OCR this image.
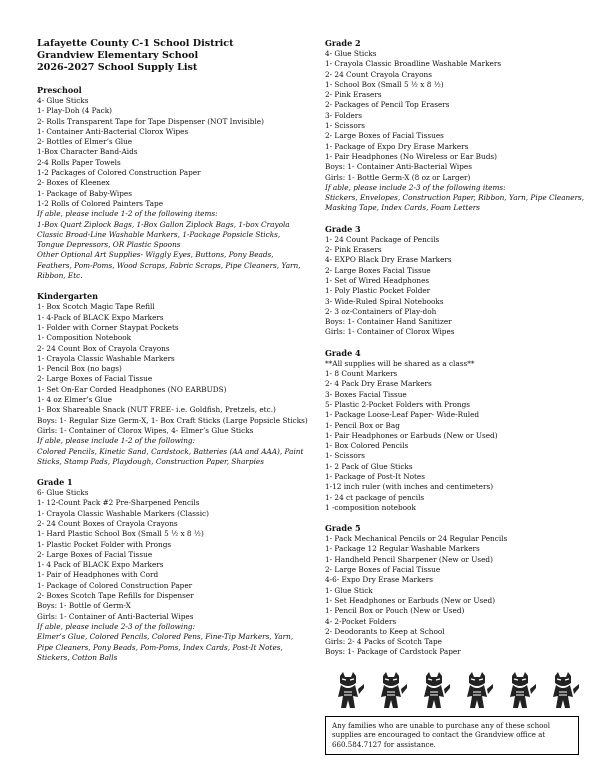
Lafayette County C-1 School District
Grandview Elementary School
2026-2027 School Supply List
Preschool
4- Glue Sticks
1- Play-Doh (4 Pack)
2- Rolls Transparent Tape for Tape Dispenser (NOT Invisible)
1- Container Anti-Bacterial Clorox Wipes
2- Bottles of Elmer’s Glue
1-Box Character Band-Aids
2-4 Rolls Paper Towels
1-2 Packages of Colored Construction Paper
2- Boxes of Kleenex
1- Package of Baby-Wipes
1-2 Rolls of Colored Painters Tape
If able, please include 1-2 of the following items:
1-Box Quart Ziplock Bags, 1-Box Gallon Ziplock Bags, 1-box Crayola Classic Broad-Line Washable Markers, 1-Package Popsicle Sticks, Tongue Depressors, OR Plastic Spoons
Other Optional Art Supplies- Wiggly Eyes, Buttons, Pony Beads, Feathers, Pom-Poms, Wood Scraps, Fabric Scraps, Pipe Cleaners, Yarn, Ribbon, Etc.
Kindergarten
1- Box Scotch Magic Tape Refill
1- 4-Pack of BLACK Expo Markers
1- Folder with Corner Staypat Pockets
1- Composition Notebook
2- 24 Count Box of Crayola Crayons
1- Crayola Classic Washable Markers
1- Pencil Box (no bags)
2- Large Boxes of Facial Tissue
1- Set On-Ear Corded Headphones (NO EARBUDS)
1- 4 oz Elmer’s Glue
1- Box Shareable Snack (NUT FREE- i.e. Goldfish, Pretzels, etc.)
Boys: 1- Regular Size Germ-X, 1- Box Craft Sticks (Large Popsicle Sticks)
Girls: 1- Container of Clorox Wipes, 4- Elmer’s Glue Sticks
If able, please include 1-2 of the following:
Colored Pencils, Kinetic Sand, Cardstock, Batteries (AA and AAA), Paint Sticks, Stamp Pads, Playdough, Construction Paper, Sharpies
Grade 1
6- Glue Sticks
1- 12-Count Pack #2 Pre-Sharpened Pencils
1- Crayola Classic Washable Markers (Classic)
2- 24 Count Boxes of Crayola Crayons
1- Hard Plastic School Box (Small 5 ½ x 8 ½)
1- Plastic Pocket Folder with Prongs
2- Large Boxes of Facial Tissue
1- 4 Pack of BLACK Expo Markers
1- Pair of Headphones with Cord
1- Package of Colored Construction Paper
2- Boxes Scotch Tape Refills for Dispenser
Boys: 1- Bottle of Germ-X
Girls: 1- Container of Anti-Bacterial Wipes
If able, please include 2-3 of the following:
Elmer’s Glue, Colored Pencils, Colored Pens, Fine-Tip Markers, Yarn, Pipe Cleaners, Pony Beads, Pom-Poms, Index Cards, Post-It Notes, Stickers, Cotton Balls
Grade 2
4- Glue Sticks
1- Crayola Classic Broadline Washable Markers
2- 24 Count Crayola Crayons
1- School Box (Small 5 ½ x 8 ½)
2- Pink Erasers
2- Packages of Pencil Top Erasers
3- Folders
1- Scissors
2- Large Boxes of Facial Tissues
1- Package of Expo Dry Erase Markers
1- Pair Headphones (No Wireless or Ear Buds)
Boys: 1- Container Anti-Bacterial Wipes
Girls: 1- Bottle Germ-X (8 oz or Larger)
If able, please include 2-3 of the following items:
Stickers, Envelopes, Construction Paper, Ribbon, Yarn, Pipe Cleaners, Masking Tape, Index Cards, Foam Letters
Grade 3
1- 24 Count Package of Pencils
2- Pink Erasers
4- EXPO Black Dry Erase Markers
2- Large Boxes Facial Tissue
1- Set of Wired Headphones
1- Poly Plastic Pocket Folder
3- Wide-Ruled Spiral Notebooks
2- 3 oz-Containers of Play-doh
Boys: 1- Container Hand Sanitizer
Girls: 1- Container of Clorox Wipes
Grade 4
**All supplies will be shared as a class**
1- 8 Count Markers
2- 4 Pack Dry Erase Markers
3- Boxes Facial Tissue
5- Plastic 2-Pocket Folders with Prongs
1- Package Loose-Leaf Paper- Wide-Ruled
1- Pencil Box or Bag
1- Pair Headphones or Earbuds (New or Used)
1- Box Colored Pencils
1- Scissors
1- 2 Pack of Glue Sticks
1- Package of Post-It Notes
1-12 inch ruler (with inches and centimeters)
1- 24 ct package of pencils
1 -composition notebook
Grade 5
1- Pack Mechanical Pencils or 24 Regular Pencils
1- Package 12 Regular Washable Markers
1- Handheld Pencil Sharpener (New or Used)
2- Large Boxes of Facial Tissue
4-6- Expo Dry Erase Markers
1- Glue Stick
1- Set Headphones or Earbuds (New or Used)
1- Pencil Box or Pouch (New or Used)
4- 2-Pocket Folders
2- Deodorants to Keep at School
Girls: 2- 4 Packs of Scotch Tape
Boys: 1- Package of Cardstock Paper
Any families who are unable to purchase any of these school supplies are encouraged to contact the Grandview office at 660.584.7127 for assistance.
